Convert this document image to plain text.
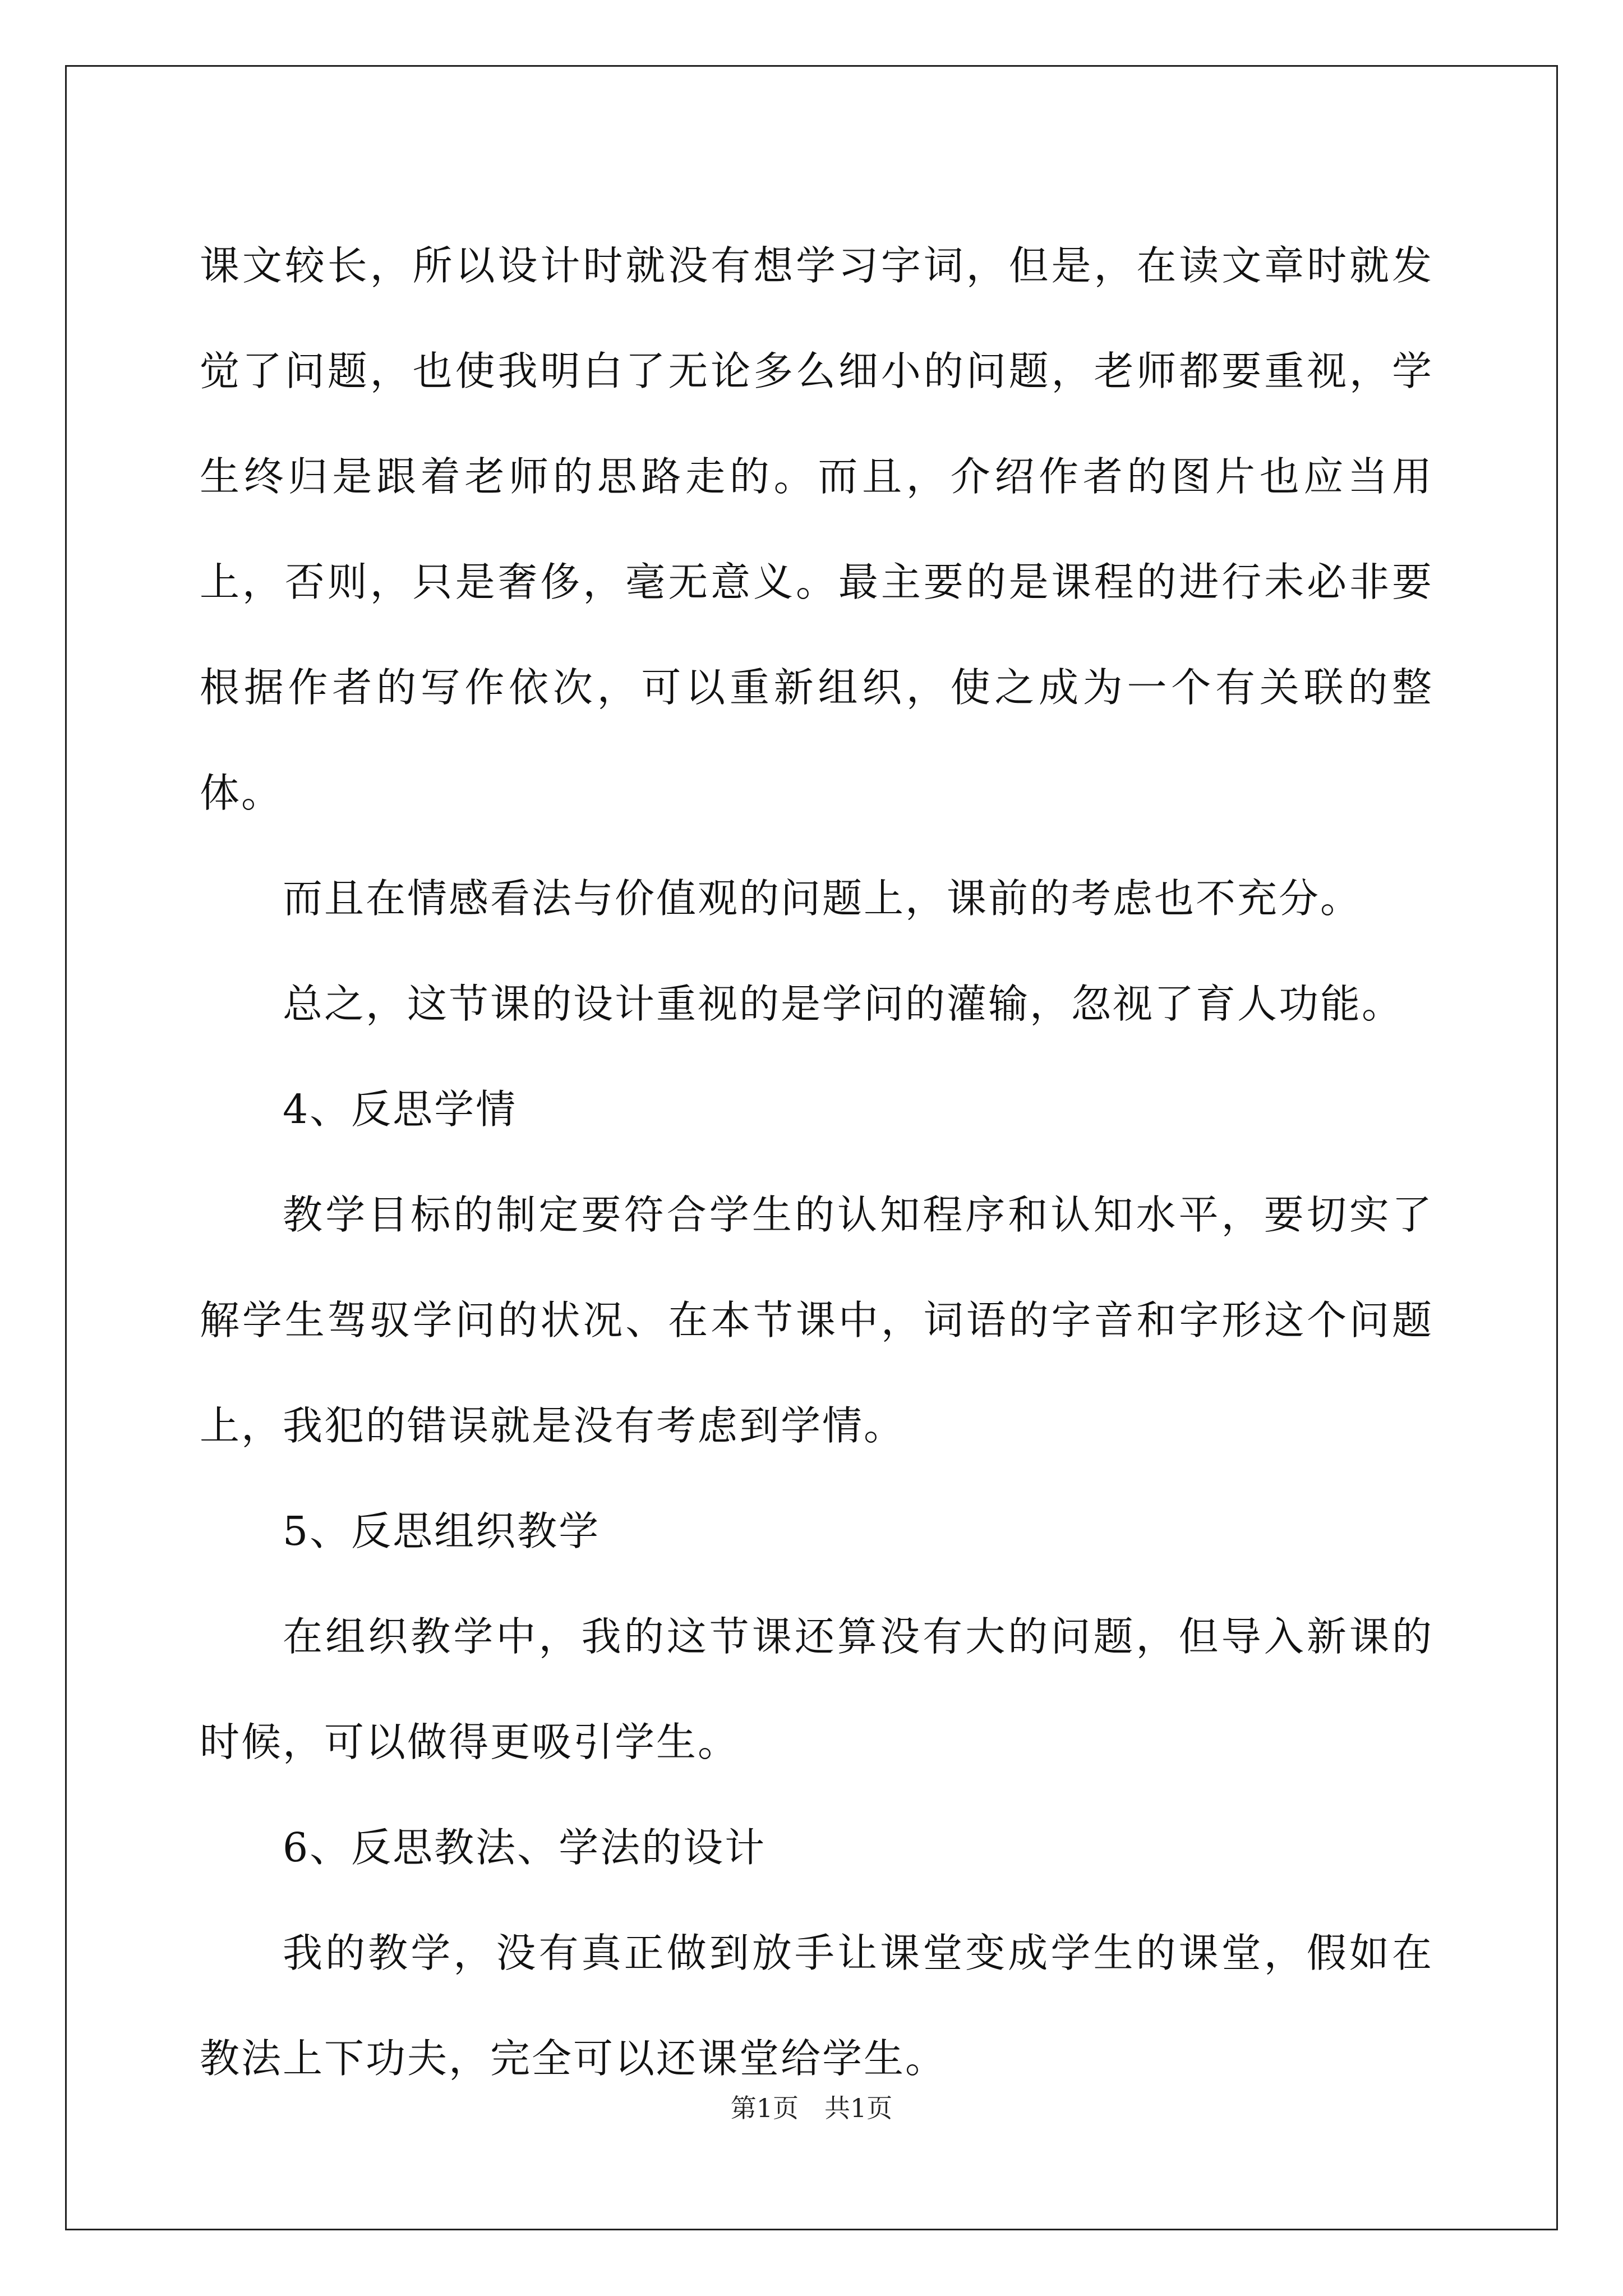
课文较长，所以设计时就没有想学习字词，但是，在读文章时就发觉了问题，也使我明白了无论多么细小的问题，老师都要重视，学生终归是跟着老师的思路走的。而且，介绍作者的图片也应当用上，否则，只是奢侈，毫无意义。最主要的是课程的进行未必非要根据作者的写作依次，可以重新组织，使之成为一个有关联的整体。

而且在情感看法与价值观的问题上，课前的考虑也不充分。

总之，这节课的设计重视的是学问的灌输，忽视了育人功能。

4、反思学情

教学目标的制定要符合学生的认知程序和认知水平，要切实了解学生驾驭学问的状况、在本节课中，词语的字音和字形这个问题上，我犯的错误就是没有考虑到学情。

5、反思组织教学

在组织教学中，我的这节课还算没有大的问题，但导入新课的时候，可以做得更吸引学生。

6、反思教法、学法的设计

我的教学，没有真正做到放手让课堂变成学生的课堂，假如在教法上下功夫，完全可以还课堂给学生。

第1页　共1页
